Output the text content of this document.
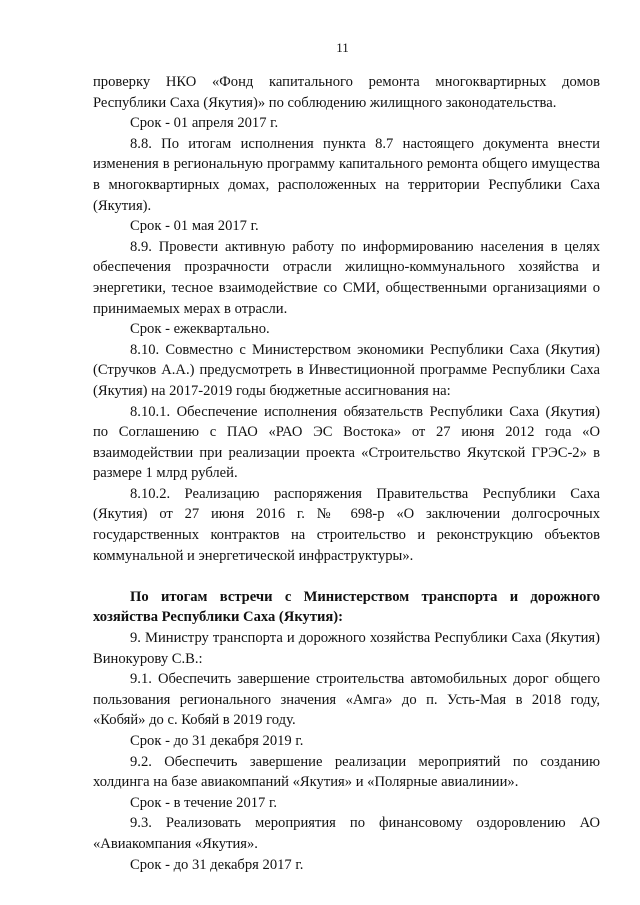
11

проверку НКО «Фонд капитального ремонта многоквартирных домов Республики Саха (Якутия)» по соблюдению жилищного законодательства.

Срок - 01 апреля 2017 г.

8.8. По итогам исполнения пункта 8.7 настоящего документа внести изменения в региональную программу капитального ремонта общего имущества в многоквартирных домах, расположенных на территории Республики Саха (Якутия).

Срок - 01 мая 2017 г.

8.9. Провести активную работу по информированию населения в целях обеспечения прозрачности отрасли жилищно-коммунального хозяйства и энергетики, тесное взаимодействие со СМИ, общественными организациями о принимаемых мерах в отрасли.

Срок - ежеквартально.

8.10. Совместно с Министерством экономики Республики Саха (Якутия) (Стручков А.А.) предусмотреть в Инвестиционной программе Республики Саха (Якутия) на 2017-2019 годы бюджетные ассигнования на:

8.10.1. Обеспечение исполнения обязательств Республики Саха (Якутия) по Соглашению с ПАО «РАО ЭС Востока» от 27 июня 2012 года «О взаимодействии при реализации проекта «Строительство Якутской ГРЭС-2» в размере 1 млрд рублей.

8.10.2. Реализацию распоряжения Правительства Республики Саха (Якутия) от 27 июня 2016 г. № 698-р «О заключении долгосрочных государственных контрактов на строительство и реконструкцию объектов коммунальной и энергетической инфраструктуры».

По итогам встречи с Министерством транспорта и дорожного хозяйства Республики Саха (Якутия):

9. Министру транспорта и дорожного хозяйства Республики Саха (Якутия) Винокурову С.В.:

9.1. Обеспечить завершение строительства автомобильных дорог общего пользования регионального значения «Амга» до п. Усть-Мая в 2018 году, «Кобяй» до с. Кобяй в 2019 году.

Срок - до 31 декабря 2019 г.

9.2. Обеспечить завершение реализации мероприятий по созданию холдинга на базе авиакомпаний «Якутия» и «Полярные авиалинии».

Срок - в течение 2017 г.

9.3. Реализовать мероприятия по финансовому оздоровлению АО «Авиакомпания «Якутия».

Срок - до 31 декабря 2017 г.
